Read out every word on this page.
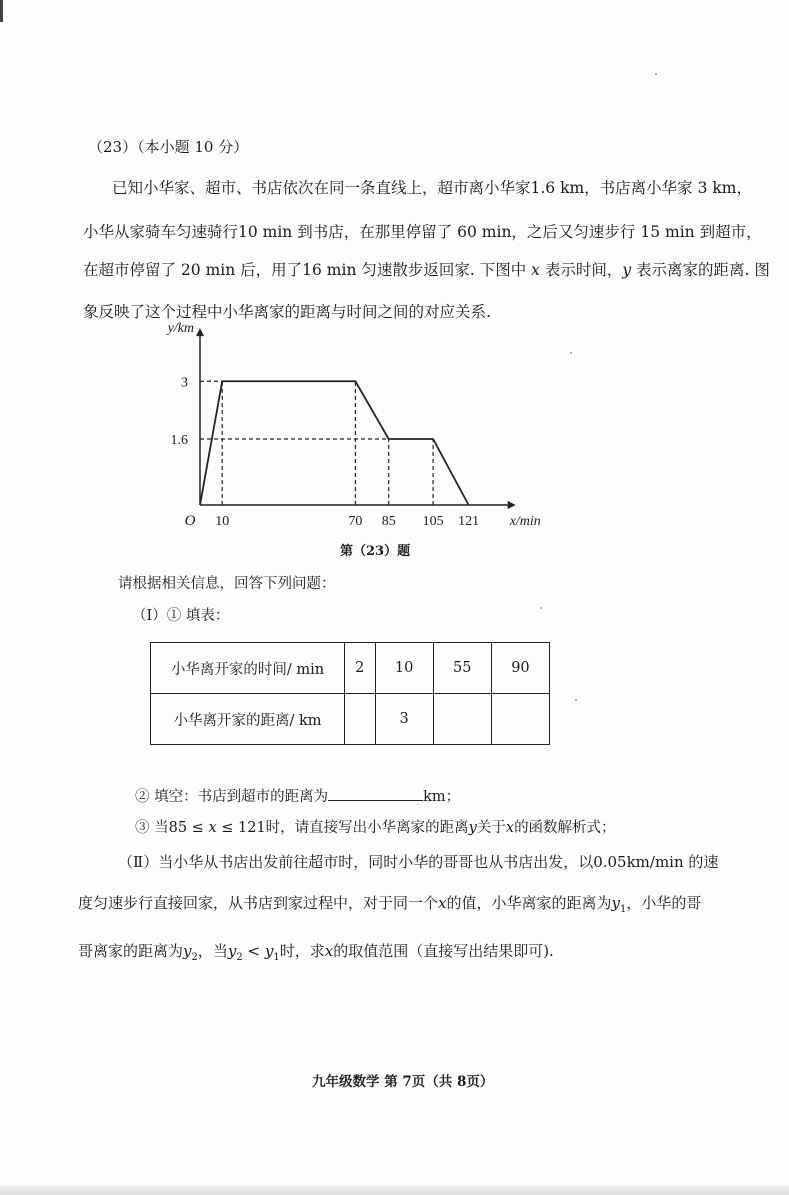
（23）（本小题 10 分）
已知小华家、超市、书店依次在同一条直线上，超市离小华家1.6 km，书店离小华家 3 km，
小华从家骑车匀速骑行10 min 到书店，在那里停留了 60 min，之后又匀速步行 15 min 到超市，
在超市停留了 20 min 后，用了16 min 匀速散步返回家. 下图中 x 表示时间，y 表示离家的距离. 图
象反映了这个过程中小华离家的距离与时间之间的对应关系.
10	70 85 105 121
3
1.6
O	x/min
y/km
第（23）题
请根据相关信息，回答下列问题：
（Ⅰ）① 填表：
小华离开家的时间/ min	2	10	55	90
小华离开家的距离/ km		3		
② 填空：书店到超市的距离为	km；
③ 当85 ≤ x ≤ 121时，请直接写出小华离家的距离y关于x的函数解析式；
（Ⅱ）当小华从书店出发前往超市时，同时小华的哥哥也从书店出发，以0.05km/min 的速
度匀速步行直接回家，从书店到家过程中，对于同一个x的值，小华离家的距离为$y_1$，小华的哥
哥离家的距离为$y_2$，当$y_2 < y_1$时，求x的取值范围（直接写出结果即可).
九年级数学 第 7页（共 8页）
